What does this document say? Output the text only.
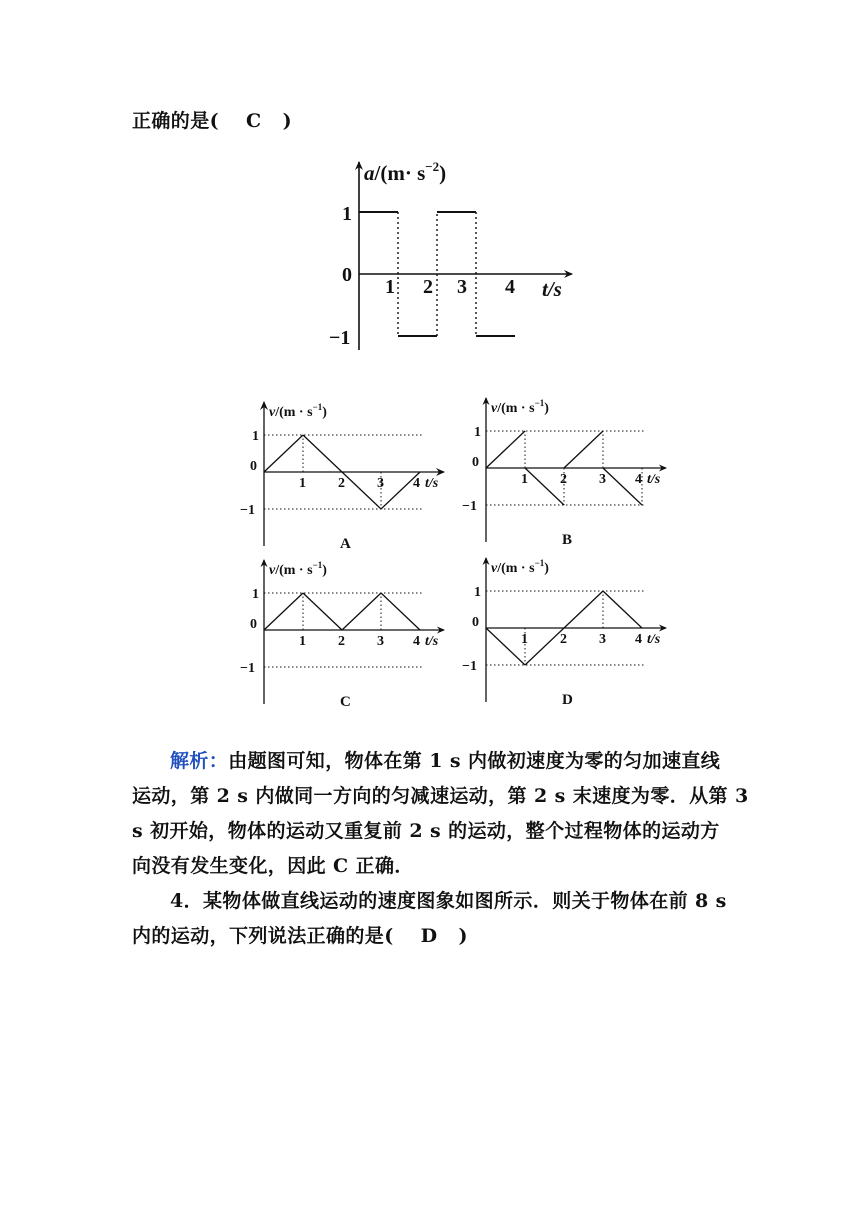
正确的是( C )
$a/(m\cdot s^{-2})$
1
0
−1
1 2 3 4 t/s
$v/(m \cdot s^{-1})$
1
0
−1
1 2 3 4 t/s
A
$v/(m \cdot s^{-1})$
1
0
−1
1 2 3 4 t/s
B
$v/(m \cdot s^{-1})$
1
0
−1
1 2 3 4 t/s
C
$v/(m \cdot s^{-1})$
1
0
−1
1 2 3 4 t/s
D
解析：由题图可知，物体在第 1 s 内做初速度为零的匀加速直线
运动，第 2 s 内做同一方向的匀减速运动，第 2 s 末速度为零．从第 3
s 初开始，物体的运动又重复前 2 s 的运动，整个过程物体的运动方
向没有发生变化，因此 C 正确．
4．某物体做直线运动的速度图象如图所示．则关于物体在前 8 s
内的运动，下列说法正确的是( D )
